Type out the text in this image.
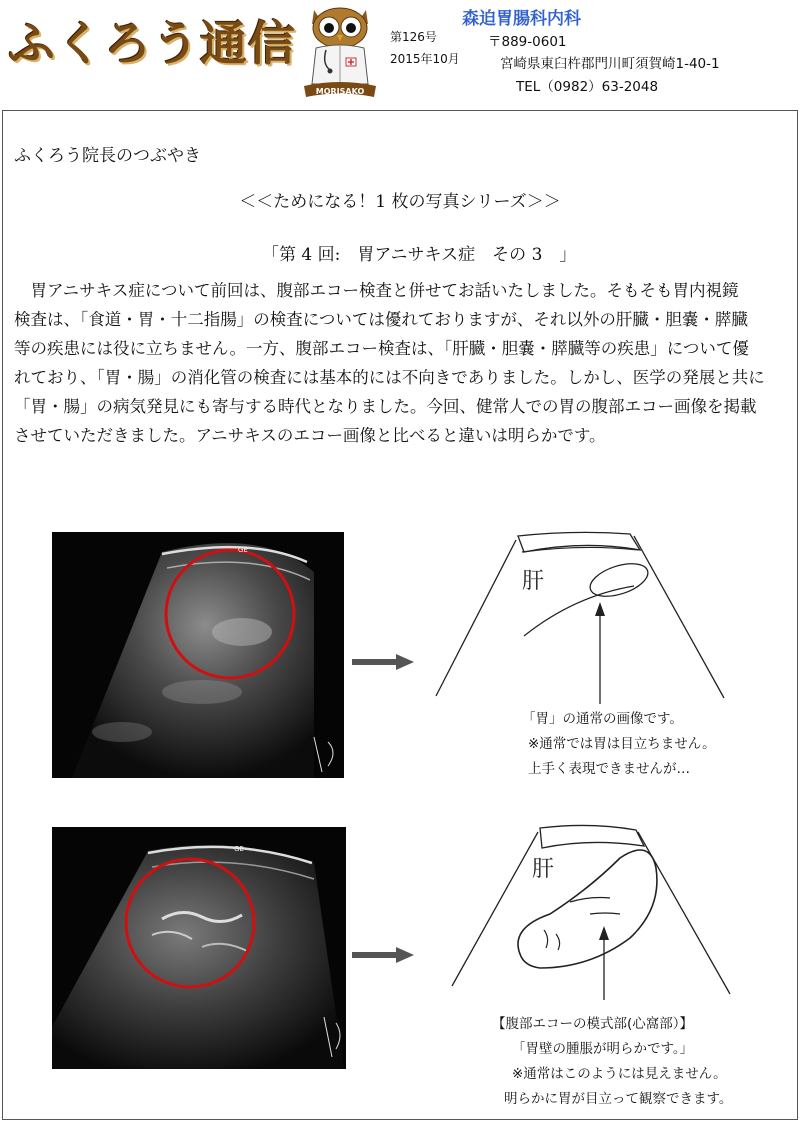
ふくろう通信
MORISAKO
第126号
2015年10月
森迫胃腸科内科
〒889-0601
宮崎県東臼杵郡門川町須賀崎1-40-1
TEL（0982）63-2048
ふくろう院長のつぶやき
＜＜ためになる！1 枚の写真シリーズ＞＞
「第 4 回:　胃アニサキス症　その 3　」
　胃アニサキス症について前回は、腹部エコー検査と併せてお話いたしました。そもそも胃内視鏡
検査は、「食道・胃・十二指腸」の検査については優れておりますが、それ以外の肝臓・胆嚢・膵臓
等の疾患には役に立ちません。一方、腹部エコー検査は、「肝臓・胆嚢・膵臓等の疾患」について優
れており、「胃・腸」の消化管の検査には基本的には不向きでありました。しかし、医学の発展と共に
「胃・腸」の病気発見にも寄与する時代となりました。今回、健常人での胃の腹部エコー画像を掲載
させていただきました。アニサキスのエコー画像と比べると違いは明らかです。
GE
肝
「胃」の通常の画像です。
※通常では胃は目立ちません。
上手く表現できませんが…
GE
肝
【腹部エコーの模式部(心窩部）】
「胃壁の腫脹が明らかです。」
※通常はこのようには見えません。
明らかに胃が目立って観察できます。
